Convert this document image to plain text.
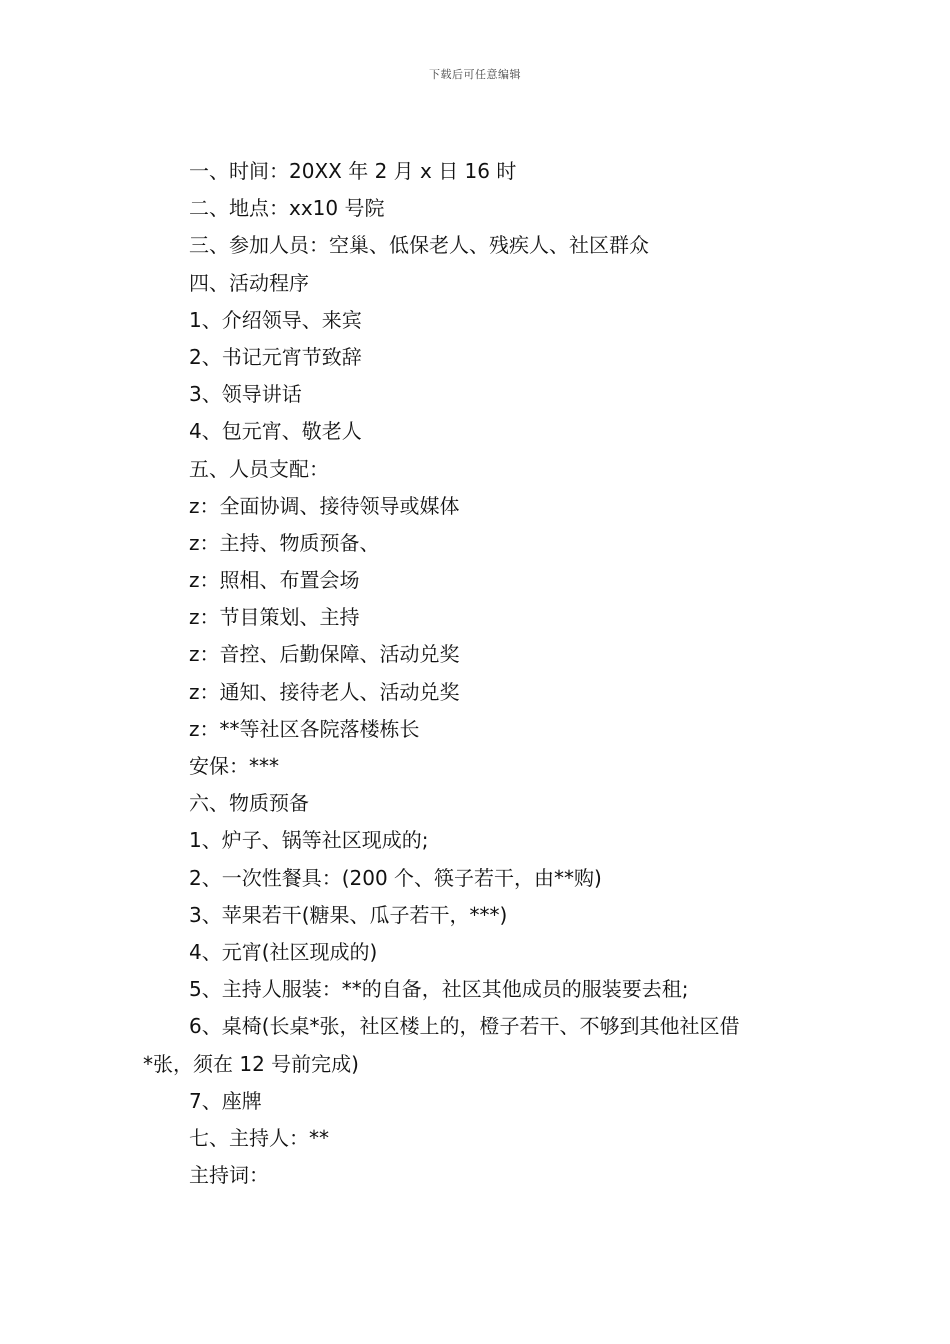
下载后可任意编辑
一、时间：20XX 年 2 月 x 日 16 时
二、地点：xx10 号院
三、参加人员：空巢、低保老人、残疾人、社区群众
四、活动程序
1、介绍领导、来宾
2、书记元宵节致辞
3、领导讲话
4、包元宵、敬老人
五、人员支配：
z：全面协调、接待领导或媒体
z：主持、物质预备、
z：照相、布置会场
z：节目策划、主持
z：音控、后勤保障、活动兑奖
z：通知、接待老人、活动兑奖
z：**等社区各院落楼栋长
安保：***
六、物质预备
1、炉子、锅等社区现成的;
2、一次性餐具：(200 个、筷子若干，由**购)
3、苹果若干(糖果、瓜子若干，***)
4、元宵(社区现成的)
5、主持人服装：**的自备，社区其他成员的服装要去租;
6、桌椅(长桌*张，社区楼上的，橙子若干、不够到其他社区借
*张，须在 12 号前完成)
7、座牌
七、主持人：**
主持词：
